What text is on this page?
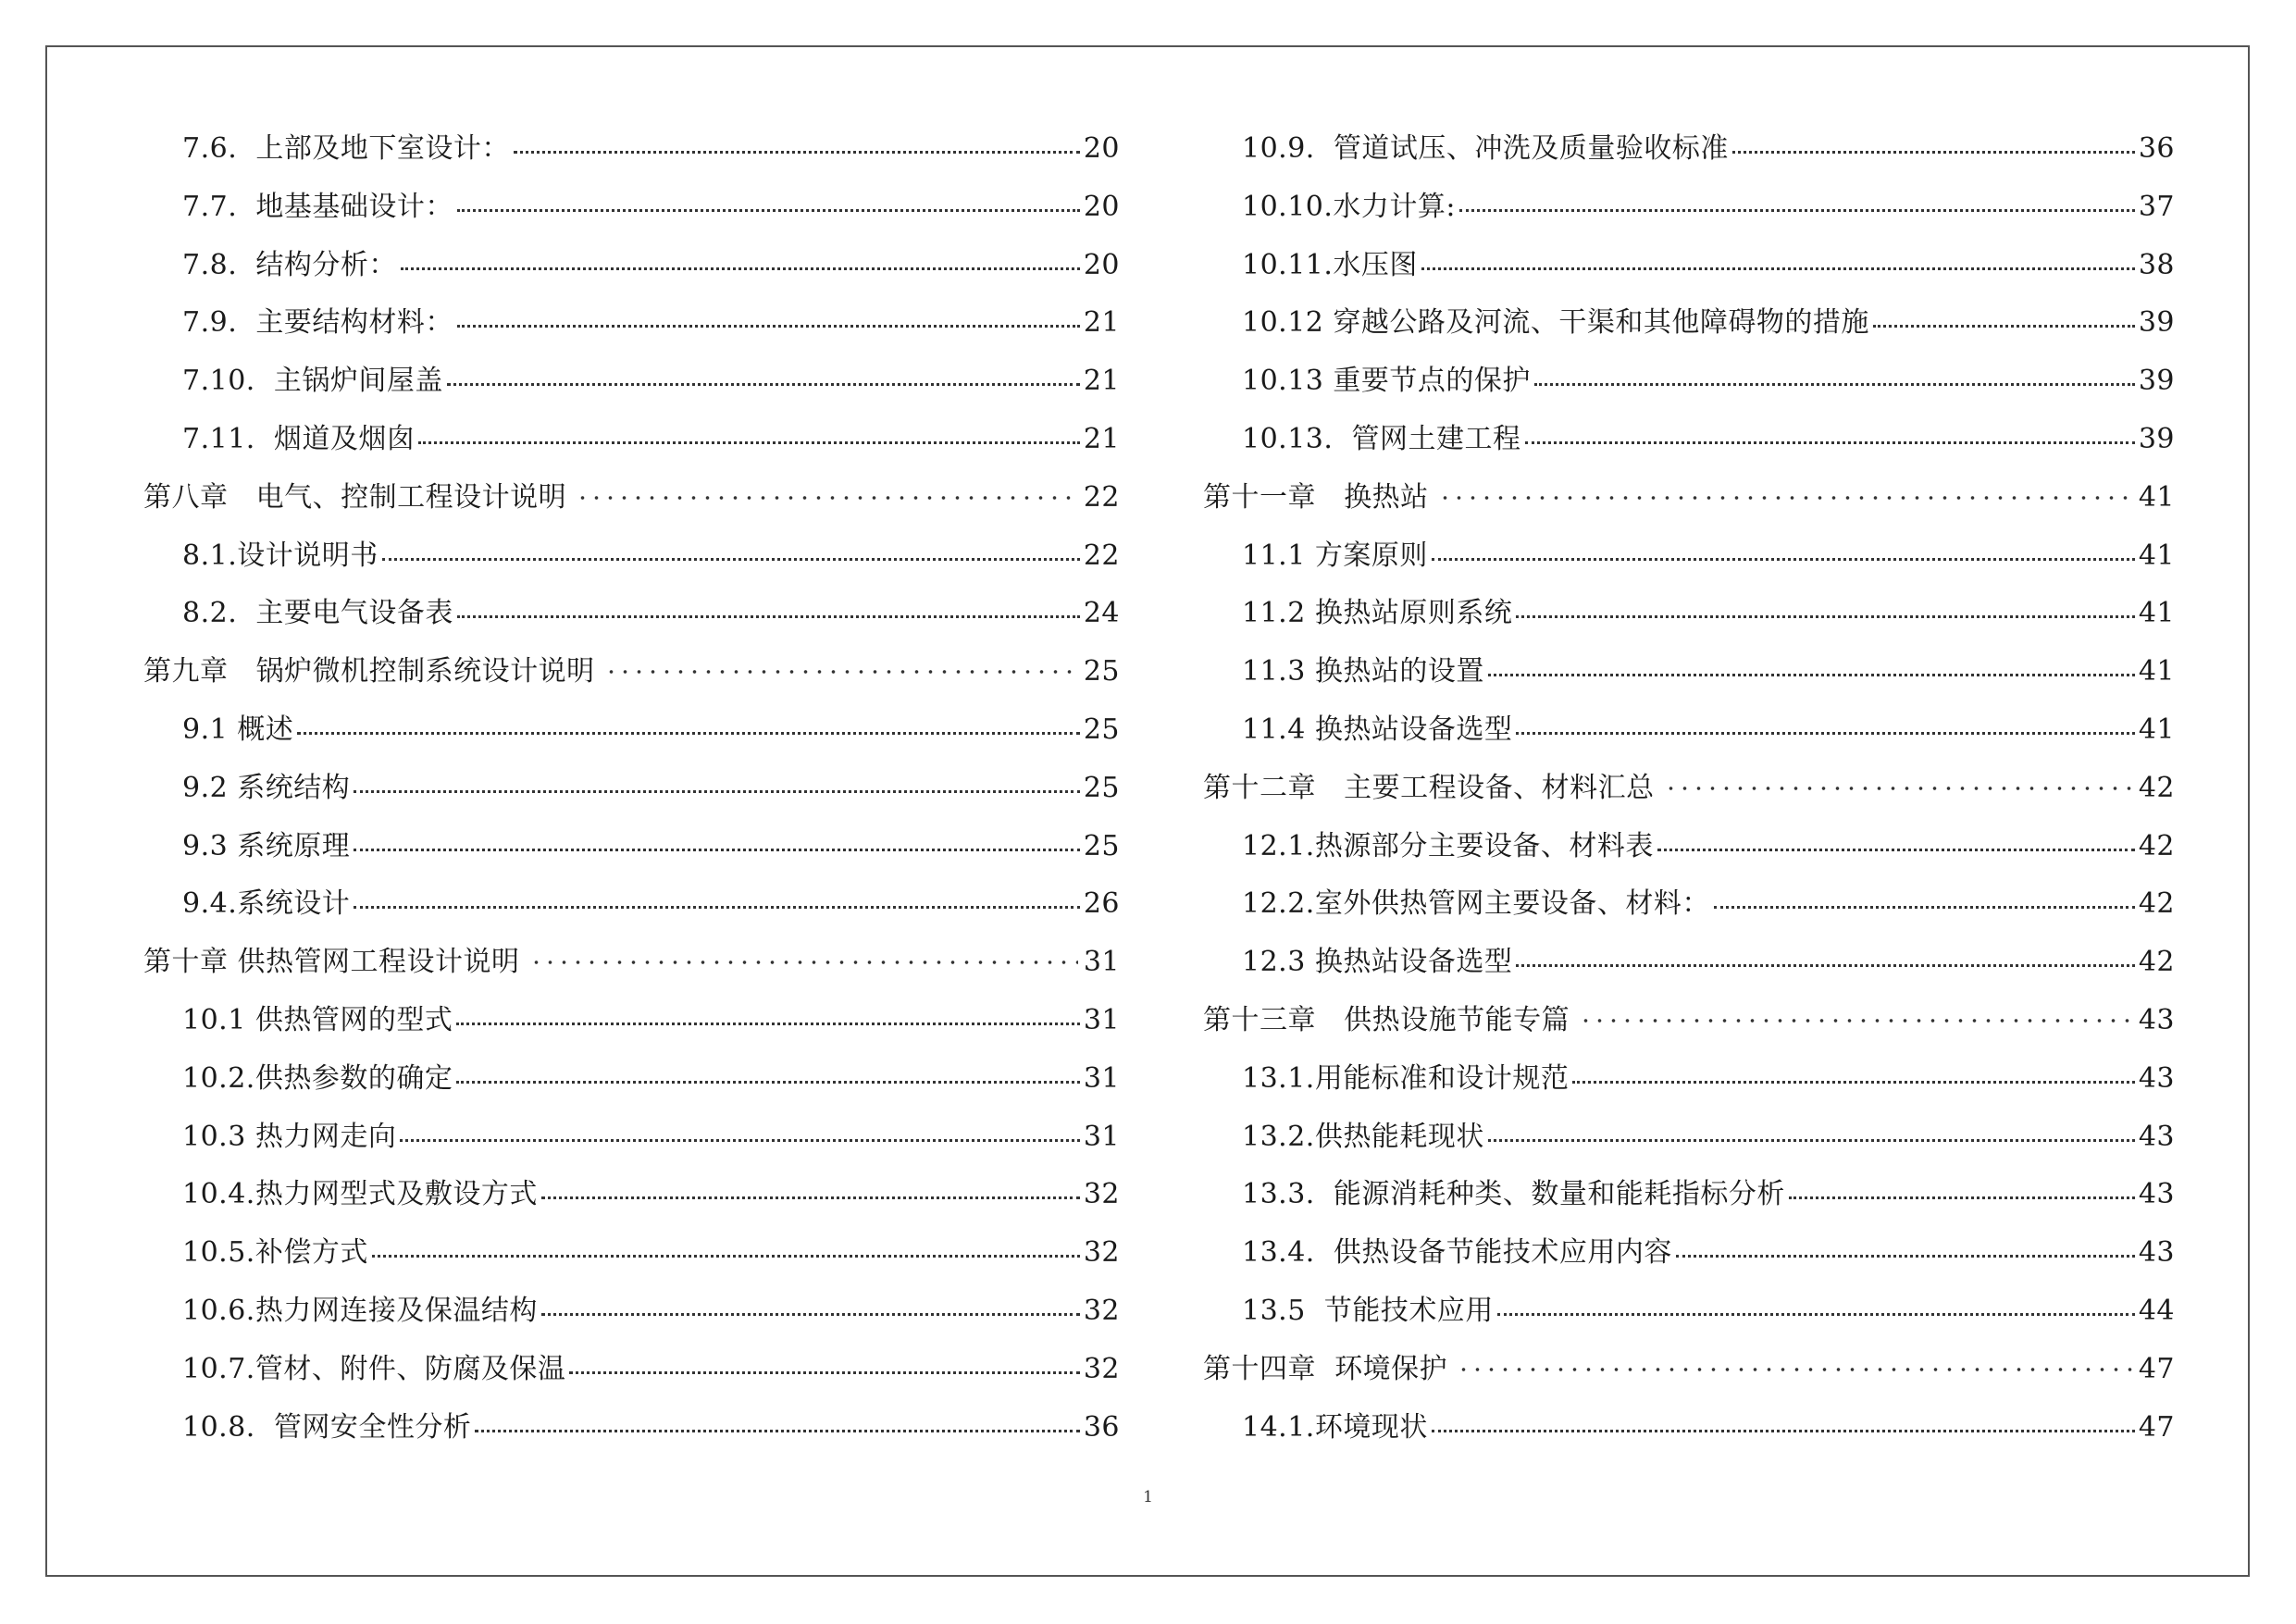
7.6.  上部及地下室设计：	20
7.7.  地基基础设计：	20
7.8.  结构分析：	20
7.9.  主要结构材料：	21
7.10.  主锅炉间屋盖	21
7.11.  烟道及烟囱	21
第八章   电气、控制工程设计说明	22
8.1.设计说明书	22
8.2.  主要电气设备表	24
第九章   锅炉微机控制系统设计说明	25
9.1 概述	25
9.2 系统结构	25
9.3 系统原理	25
9.4.系统设计	26
第十章 供热管网工程设计说明	31
10.1 供热管网的型式	31
10.2.供热参数的确定	31
10.3 热力网走向	31
10.4.热力网型式及敷设方式	32
10.5.补偿方式	32
10.6.热力网连接及保温结构	32
10.7.管材、附件、防腐及保温	32
10.8.  管网安全性分析	36
10.9.  管道试压、冲洗及质量验收标准	36
10.10.水力计算:	37
10.11.水压图	38
10.12 穿越公路及河流、干渠和其他障碍物的措施	39
10.13 重要节点的保护	39
10.13.  管网土建工程	39
第十一章   换热站	41
11.1 方案原则	41
11.2 换热站原则系统	41
11.3 换热站的设置	41
11.4 换热站设备选型	41
第十二章   主要工程设备、材料汇总	42
12.1.热源部分主要设备、材料表	42
12.2.室外供热管网主要设备、材料：	42
12.3 换热站设备选型	42
第十三章   供热设施节能专篇	43
13.1.用能标准和设计规范	43
13.2.供热能耗现状	43
13.3.  能源消耗种类、数量和能耗指标分析	43
13.4.  供热设备节能技术应用内容	43
13.5  节能技术应用	44
第十四章  环境保护	47
14.1.环境现状	47
1
